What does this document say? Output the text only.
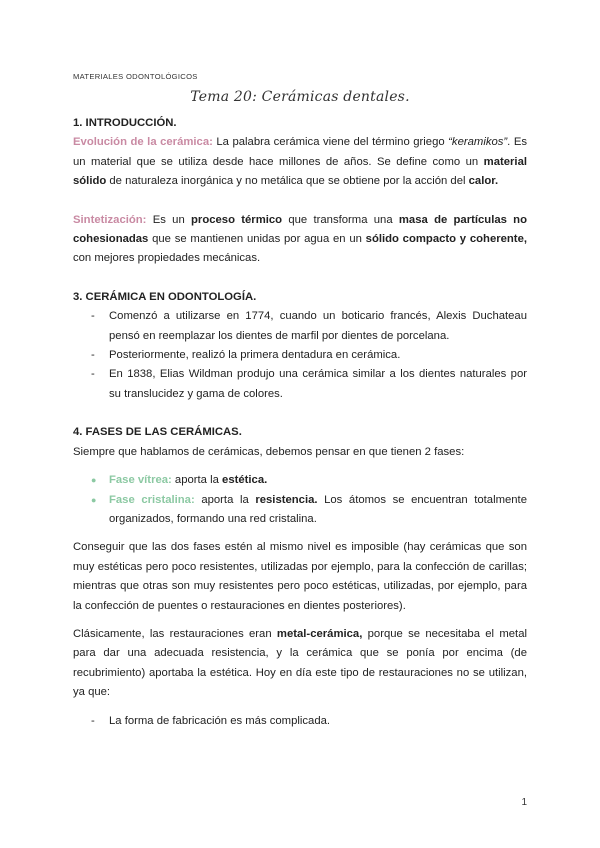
MATERIALES ODONTOLÓGICOS
Tema 20: Cerámicas dentales.
1. INTRODUCCIÓN.

Evolución de la cerámica: La palabra cerámica viene del término griego “keramikos”. Es un material que se utiliza desde hace millones de años. Se define como un material sólido de naturaleza inorgánica y no metálica que se obtiene por la acción del calor.

Sintetización: Es un proceso térmico que transforma una masa de partículas no cohesionadas que se mantienen unidas por agua en un sólido compacto y coherente, con mejores propiedades mecánicas.

3. CERÁMICA EN ODONTOLOGÍA.
- Comenzó a utilizarse en 1774, cuando un boticario francés, Alexis Duchateau pensó en reemplazar los dientes de marfil por dientes de porcelana.
- Posteriormente, realizó la primera dentadura en cerámica.
- En 1838, Elias Wildman produjo una cerámica similar a los dientes naturales por su translucidez y gama de colores.
4. FASES DE LAS CERÁMICAS.

Siempre que hablamos de cerámicas, debemos pensar en que tienen 2 fases:

● Fase vítrea: aporta la estética.
● Fase cristalina: aporta la resistencia. Los átomos se encuentran totalmente organizados, formando una red cristalina.

Conseguir que las dos fases estén al mismo nivel es imposible (hay cerámicas que son muy estéticas pero poco resistentes, utilizadas por ejemplo, para la confección de carillas; mientras que otras son muy resistentes pero poco estéticas, utilizadas, por ejemplo, para la confección de puentes o restauraciones en dientes posteriores).

Clásicamente, las restauraciones eran metal-cerámica, porque se necesitaba el metal para dar una adecuada resistencia, y la cerámica que se ponía por encima (de recubrimiento) aportaba la estética. Hoy en día este tipo de restauraciones no se utilizan, ya que:

- La forma de fabricación es más complicada.
1
